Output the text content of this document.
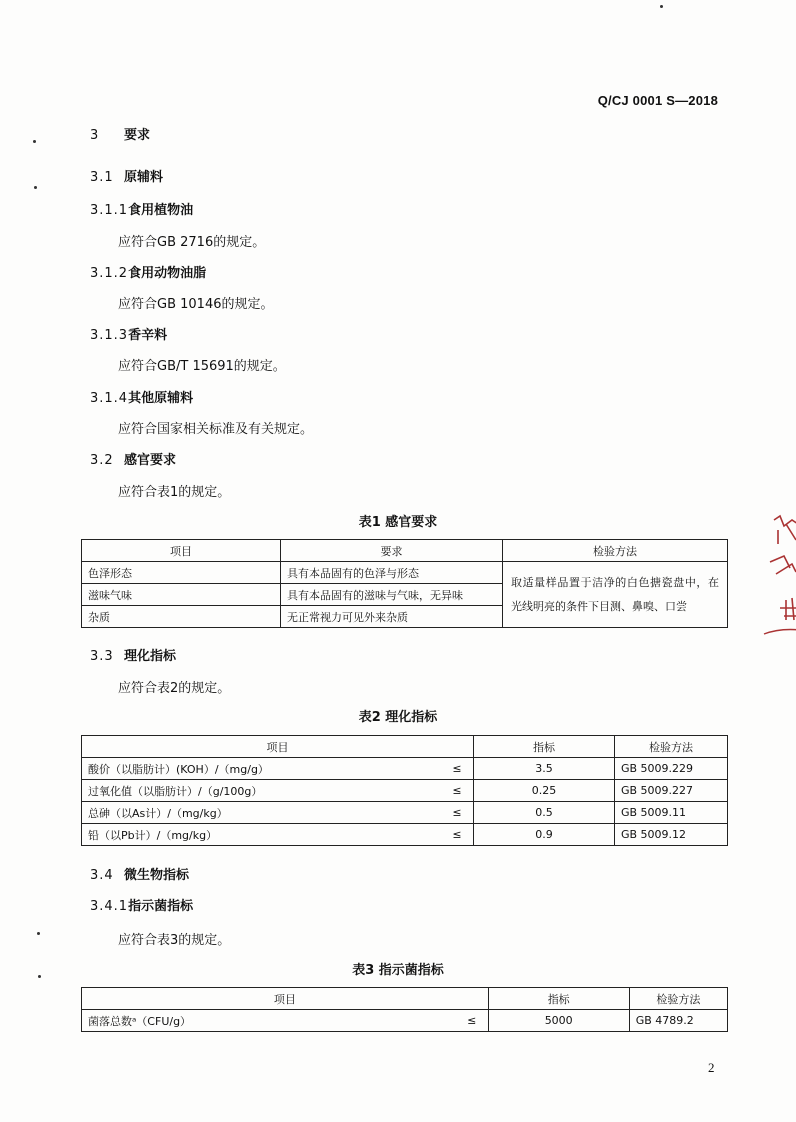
Q/CJ 0001 S—2018
3 要求
3.1 原辅料
3.1.1食用植物油
应符合GB 2716的规定。
3.1.2食用动物油脂
应符合GB 10146的规定。
3.1.3香辛料
应符合GB/T 15691的规定。
3.1.4其他原辅料
应符合国家相关标准及有关规定。
3.2 感官要求
应符合表1的规定。
表1 感官要求
项目	要求	检验方法
色泽形态	具有本品固有的色泽与形态	取适量样品置于洁净的白色搪瓷盘中，在光线明亮的条件下目测、鼻嗅、口尝
滋味气味	具有本品固有的滋味与气味，无异味	
杂质	无正常视力可见外来杂质	
3.3 理化指标
应符合表2的规定。
表2 理化指标
项目		指标	检验方法
酸价（以脂肪计）(KOH）/（mg/g）	≤	3.5	GB 5009.229
过氧化值（以脂肪计）/（g/100g）	≤	0.25	GB 5009.227
总砷（以As计）/（mg/kg）	≤	0.5	GB 5009.11
铅（以Pb计）/（mg/kg）	≤	0.9	GB 5009.12
3.4 微生物指标
3.4.1指示菌指标
应符合表3的规定。
表3 指示菌指标
项目		指标	检验方法
菌落总数ᵃ（CFU/g）	≤	5000	GB 4789.2
2
